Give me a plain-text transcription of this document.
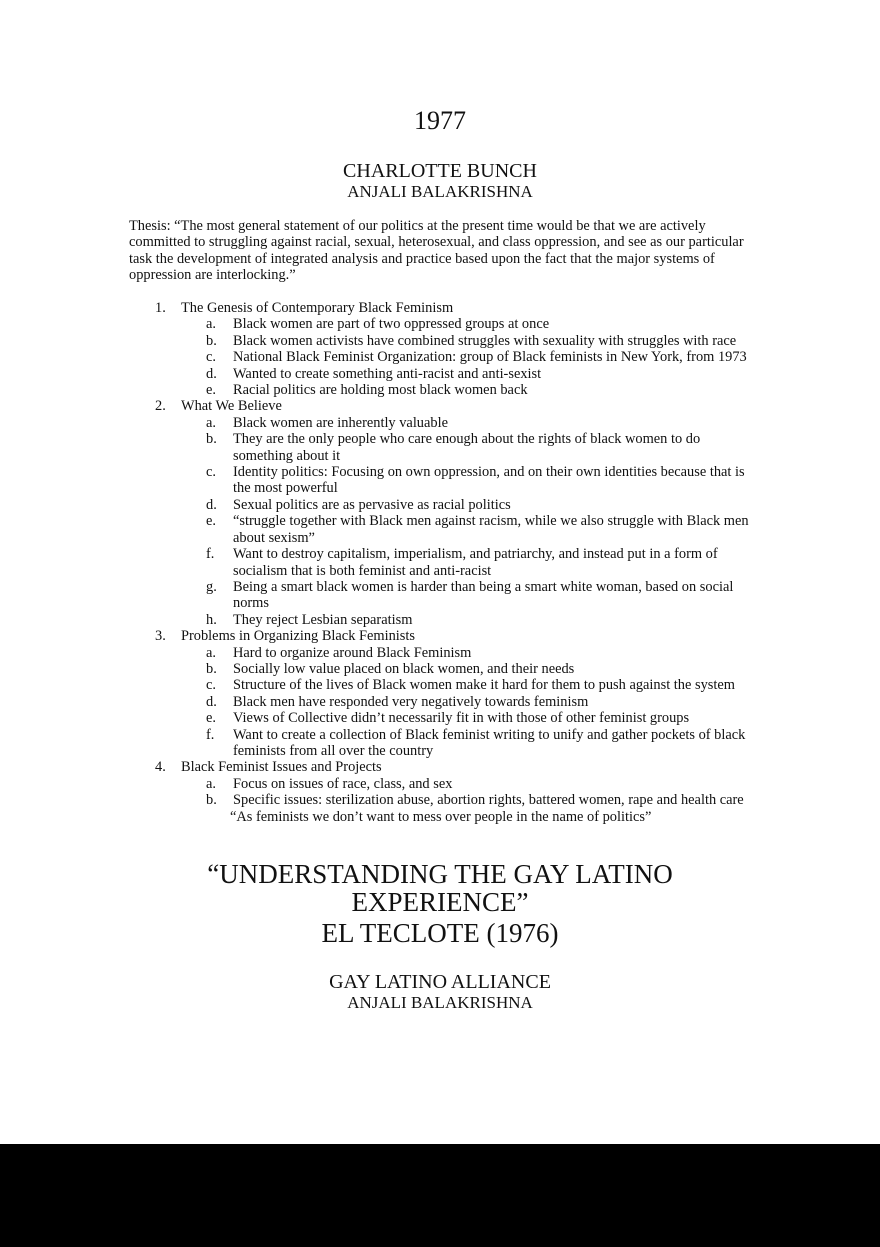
1977
CHARLOTTE BUNCH
ANJALI BALAKRISHNA
Thesis: “The most general statement of our politics at the present time would be that we are actively committed to struggling against racial, sexual, heterosexual, and class oppression, and see as our particular task the development of integrated analysis and practice based upon the fact that the major systems of oppression are interlocking.”
1. The Genesis of Contemporary Black Feminism
a. Black women are part of two oppressed groups at once
b. Black women activists have combined struggles with sexuality with struggles with race
c. National Black Feminist Organization: group of Black feminists in New York, from 1973
d. Wanted to create something anti-racist and anti-sexist
e. Racial politics are holding most black women back
2. What We Believe
a. Black women are inherently valuable
b. They are the only people who care enough about the rights of black women to do something about it
c. Identity politics: Focusing on own oppression, and on their own identities because that is the most powerful
d. Sexual politics are as pervasive as racial politics
e. “struggle together with Black men against racism, while we also struggle with Black men about sexism”
f. Want to destroy capitalism, imperialism, and patriarchy, and instead put in a form of socialism that is both feminist and anti-racist
g. Being a smart black women is harder than being a smart white woman, based on social norms
h. They reject Lesbian separatism
3. Problems in Organizing Black Feminists
a. Hard to organize around Black Feminism
b. Socially low value placed on black women, and their needs
c. Structure of the lives of Black women make it hard for them to push against the system
d. Black men have responded very negatively towards feminism
e. Views of Collective didn’t necessarily fit in with those of other feminist groups
f. Want to create a collection of Black feminist writing to unify and gather pockets of black feminists from all over the country
4. Black Feminist Issues and Projects
a. Focus on issues of race, class, and sex
b. Specific issues: sterilization abuse, abortion rights, battered women, rape and health care
“As feminists we don’t want to mess over people in the name of politics”
“UNDERSTANDING THE GAY LATINO
EXPERIENCE”
EL TECLOTE (1976)
GAY LATINO ALLIANCE
ANJALI BALAKRISHNA
